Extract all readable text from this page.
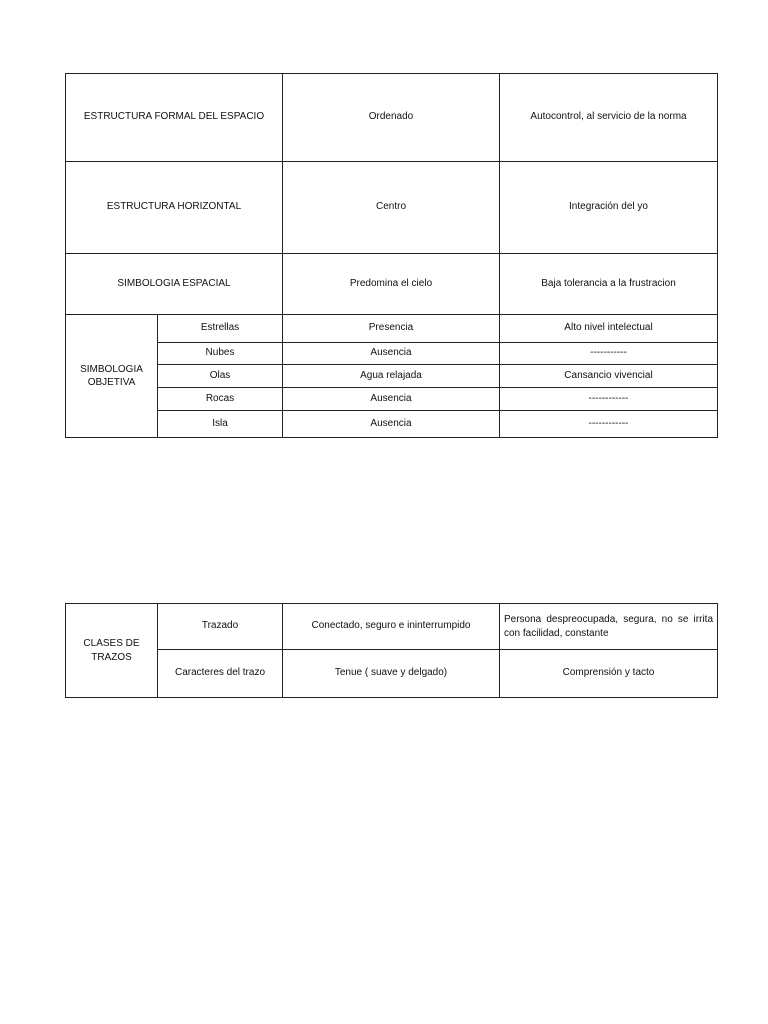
ESTRUCTURA FORMAL DEL ESPACIO		Ordenado	Autocontrol, al servicio de la norma
ESTRUCTURA HORIZONTAL		Centro	Integración del yo
SIMBOLOGIA ESPACIAL		Predomina el cielo	Baja tolerancia a la frustracion
SIMBOLOGIA
OBJETIVA	Estrellas	Presencia	Alto nivel intelectual
	Nubes	Ausencia	-----------
	Olas	Agua relajada	Cansancio vivencial
	Rocas	Ausencia	------------
	Isla	Ausencia	------------
CLASES DE
TRAZOS	Trazado	Conectado, seguro e ininterrumpido	Persona despreocupada, segura, no se irrita con facilidad, constante
	Caracteres del trazo	Tenue ( suave y delgado)	Comprensión y tacto
